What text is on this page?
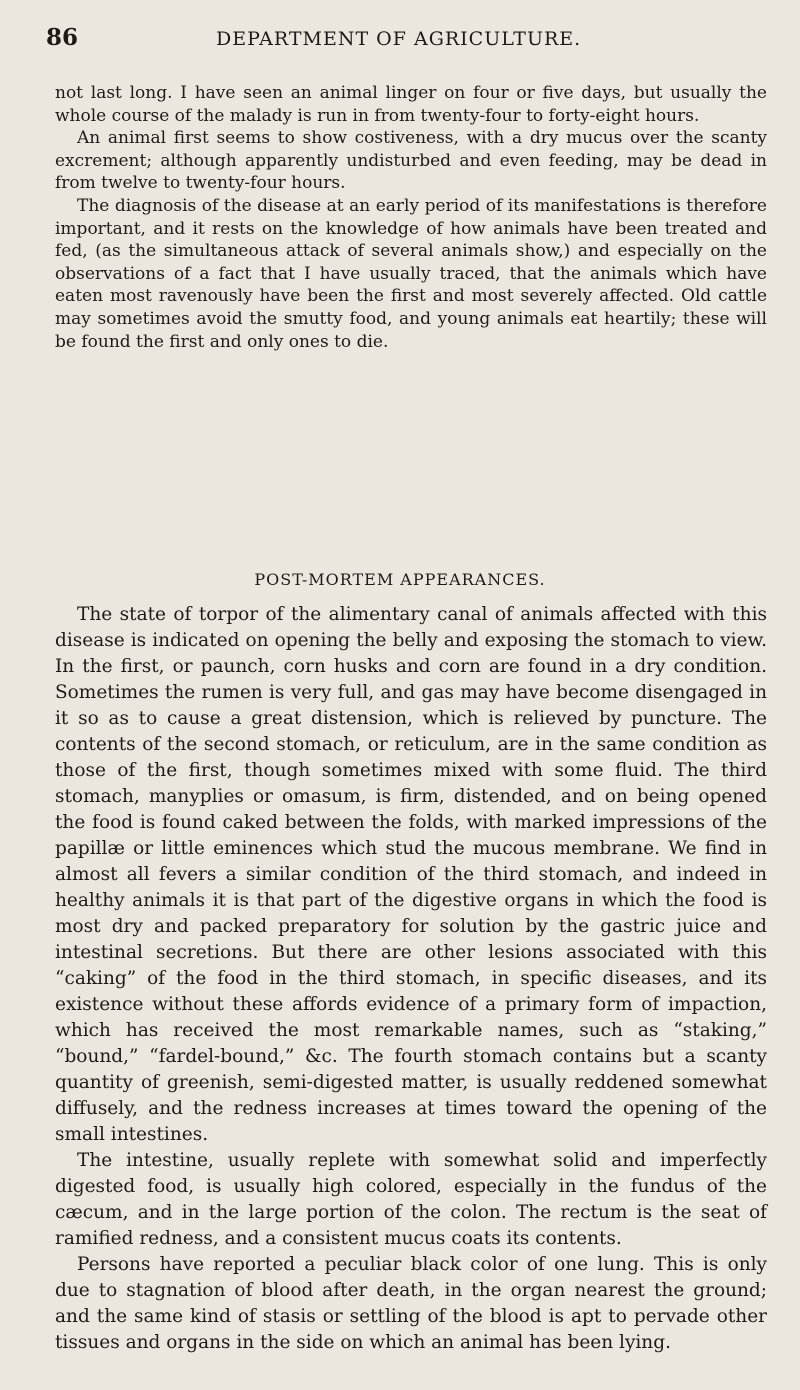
86	DEPARTMENT OF AGRICULTURE.

not last long. I have seen an animal linger on four or five days, but usually the whole course of the malady is run in from twenty-four to forty-eight hours.

An animal first seems to show costiveness, with a dry mucus over the scanty excrement; although apparently undisturbed and even feeding, may be dead in from twelve to twenty-four hours.

The diagnosis of the disease at an early period of its manifestations is therefore important, and it rests on the knowledge of how animals have been treated and fed, (as the simultaneous attack of several animals show,) and especially on the observations of a fact that I have usually traced, that the animals which have eaten most ravenously have been the first and most severely affected. Old cattle may sometimes avoid the smutty food, and young animals eat heartily; these will be found the first and only ones to die.

POST-MORTEM APPEARANCES.

The state of torpor of the alimentary canal of animals affected with this disease is indicated on opening the belly and exposing the stomach to view. In the first, or paunch, corn husks and corn are found in a dry condition. Sometimes the rumen is very full, and gas may have become disengaged in it so as to cause a great distension, which is relieved by puncture. The contents of the second stomach, or reticulum, are in the same condition as those of the first, though sometimes mixed with some fluid. The third stomach, manyplies or omasum, is firm, distended, and on being opened the food is found caked between the folds, with marked impressions of the papillæ or little eminences which stud the mucous membrane. We find in almost all fevers a similar condition of the third stomach, and indeed in healthy animals it is that part of the digestive organs in which the food is most dry and packed preparatory for solution by the gastric juice and intestinal secretions. But there are other lesions associated with this “caking” of the food in the third stomach, in specific diseases, and its existence without these affords evidence of a primary form of impaction, which has received the most remarkable names, such as “staking,” “bound,” “fardel-bound,” &c. The fourth stomach contains but a scanty quantity of greenish, semi-digested matter, is usually reddened somewhat diffusely, and the redness increases at times toward the opening of the small intestines.

The intestine, usually replete with somewhat solid and imperfectly digested food, is usually high colored, especially in the fundus of the cæcum, and in the large portion of the colon. The rectum is the seat of ramified redness, and a consistent mucus coats its contents.

Persons have reported a peculiar black color of one lung. This is only due to stagnation of blood after death, in the organ nearest the ground; and the same kind of stasis or settling of the blood is apt to pervade other tissues and organs in the side on which an animal has been lying.
